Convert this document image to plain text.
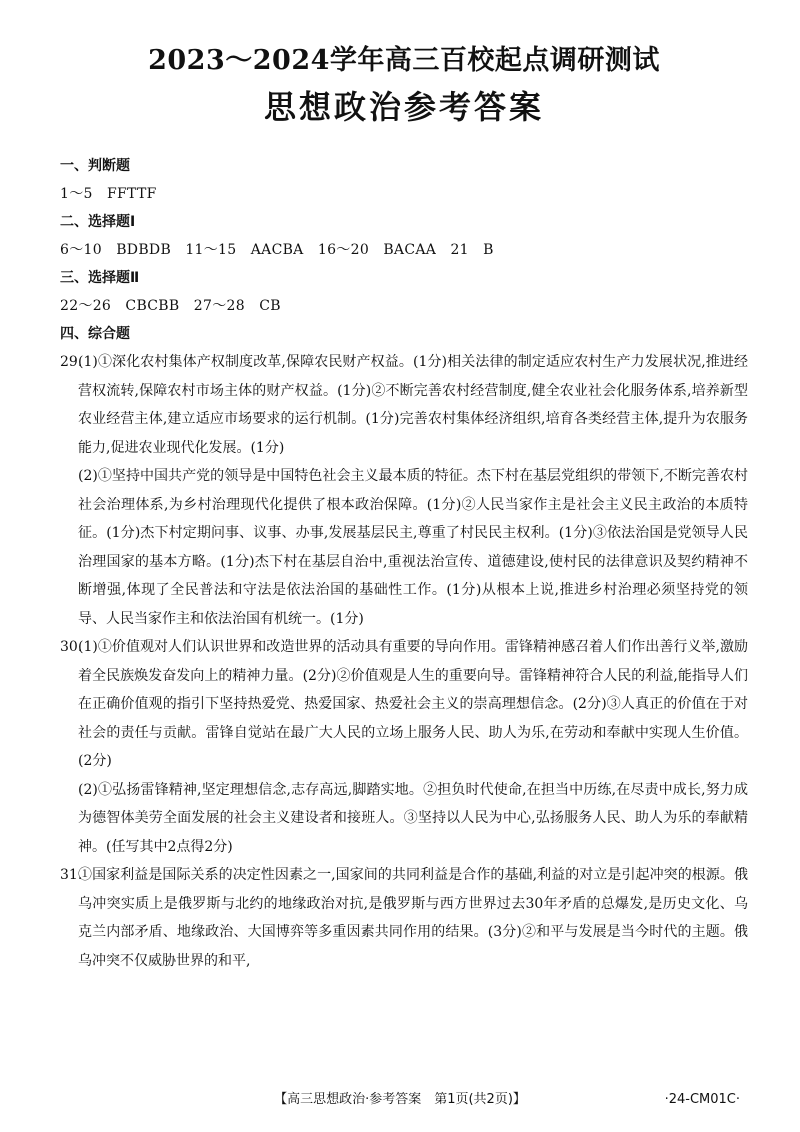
2023～2024学年高三百校起点调研测试
思想政治参考答案
一、判断题
1～5　FFTTF
二、选择题Ⅰ
6～10　BDBDB　11～15　AACBA　16～20　BACAA　21　B
三、选择题Ⅱ
22～26　CBCBB　27～28　CB
四、综合题
29.
(1)①深化农村集体产权制度改革,保障农民财产权益。(1分)相关法律的制定适应农村生产力发展状况,推进经营权流转,保障农村市场主体的财产权益。(1分)②不断完善农村经营制度,健全农业社会化服务体系,培养新型农业经营主体,建立适应市场要求的运行机制。(1分)完善农村集体经济组织,培育各类经营主体,提升为农服务能力,促进农业现代化发展。(1分)
(2)①坚持中国共产党的领导是中国特色社会主义最本质的特征。杰下村在基层党组织的带领下,不断完善农村社会治理体系,为乡村治理现代化提供了根本政治保障。(1分)②人民当家作主是社会主义民主政治的本质特征。(1分)杰下村定期问事、议事、办事,发展基层民主,尊重了村民民主权利。(1分)③依法治国是党领导人民治理国家的基本方略。(1分)杰下村在基层自治中,重视法治宣传、道德建设,使村民的法律意识及契约精神不断增强,体现了全民普法和守法是依法治国的基础性工作。(1分)从根本上说,推进乡村治理必须坚持党的领导、人民当家作主和依法治国有机统一。(1分)
30.
(1)①价值观对人们认识世界和改造世界的活动具有重要的导向作用。雷锋精神感召着人们作出善行义举,激励着全民族焕发奋发向上的精神力量。(2分)②价值观是人生的重要向导。雷锋精神符合人民的利益,能指导人们在正确价值观的指引下坚持热爱党、热爱国家、热爱社会主义的崇高理想信念。(2分)③人真正的价值在于对社会的责任与贡献。雷锋自觉站在最广大人民的立场上服务人民、助人为乐,在劳动和奉献中实现人生价值。(2分)
(2)①弘扬雷锋精神,坚定理想信念,志存高远,脚踏实地。②担负时代使命,在担当中历练,在尽责中成长,努力成为德智体美劳全面发展的社会主义建设者和接班人。③坚持以人民为中心,弘扬服务人民、助人为乐的奉献精神。(任写其中2点得2分)
31.
①国家利益是国际关系的决定性因素之一,国家间的共同利益是合作的基础,利益的对立是引起冲突的根源。俄乌冲突实质上是俄罗斯与北约的地缘政治对抗,是俄罗斯与西方世界过去30年矛盾的总爆发,是历史文化、乌克兰内部矛盾、地缘政治、大国博弈等多重因素共同作用的结果。(3分)②和平与发展是当今时代的主题。俄乌冲突不仅威胁世界的和平,
【高三思想政治·参考答案　第1页(共2页)】	·24-CM01C·
